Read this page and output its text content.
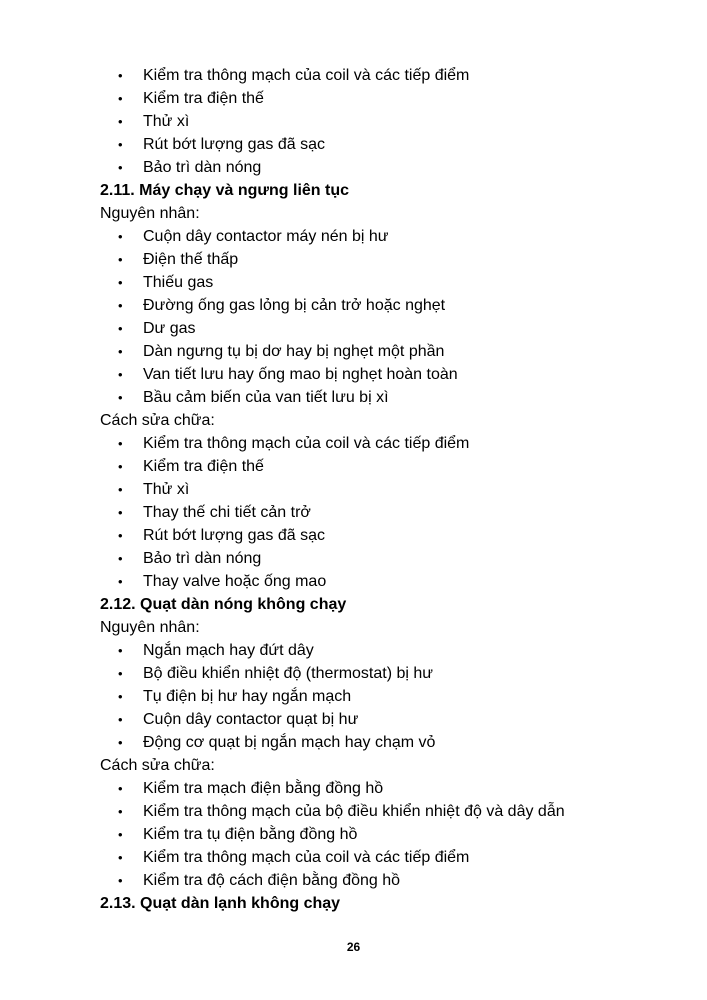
• Kiểm tra thông mạch của coil và các tiếp điểm
• Kiểm tra điện thế
• Thử xì
• Rút bớt lượng gas đã sạc
• Bảo trì dàn nóng
2.11. Máy chạy và ngưng liên tục
Nguyên nhân:
• Cuộn dây contactor máy nén bị hư
• Điện thế thấp
• Thiếu gas
• Đường ống gas lỏng bị cản trở hoặc nghẹt
• Dư gas
• Dàn ngưng tụ bị dơ hay bị nghẹt một phần
• Van tiết lưu hay ống mao bị nghẹt hoàn toàn
• Bầu cảm biến của van tiết lưu bị xì
Cách sửa chữa:
• Kiểm tra thông mạch của coil và các tiếp điểm
• Kiểm tra điện thế
• Thử xì
• Thay thế chi tiết cản trở
• Rút bớt lượng gas đã sạc
• Bảo trì dàn nóng
• Thay valve hoặc ống mao
2.12. Quạt dàn nóng không chạy
Nguyên nhân:
• Ngắn mạch hay đứt dây
• Bộ điều khiển nhiệt độ (thermostat) bị hư
• Tụ điện bị hư hay ngắn mạch
• Cuộn dây contactor quạt bị hư
• Động cơ quạt bị ngắn mạch hay chạm vỏ
Cách sửa chữa:
• Kiểm tra mạch điện bằng đồng hồ
• Kiểm tra thông mạch của bộ điều khiển nhiệt độ và dây dẫn
• Kiểm tra tụ điện bằng đồng hồ
• Kiểm tra thông mạch của coil và các tiếp điểm
• Kiểm tra độ cách điện bằng đồng hồ
2.13. Quạt dàn lạnh không chạy
26
